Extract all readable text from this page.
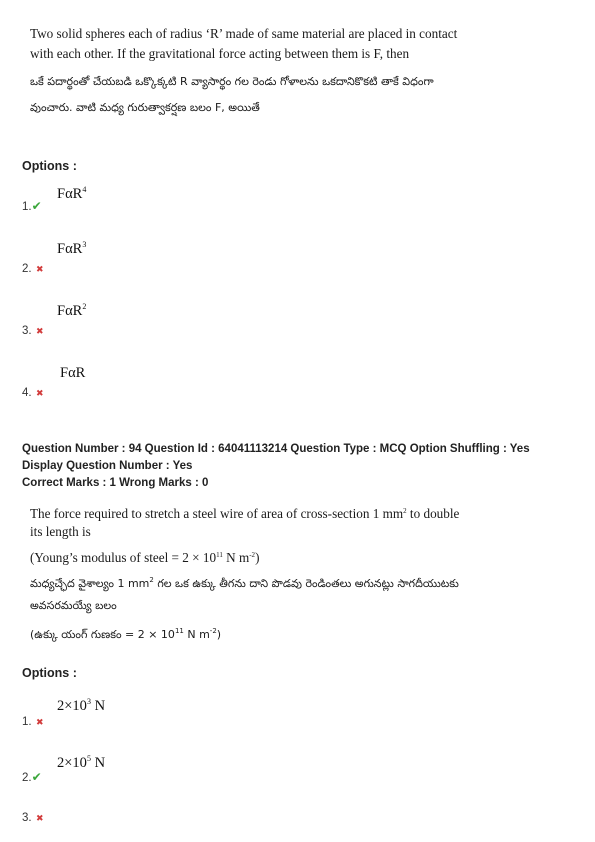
Two solid spheres each of radius ‘R’ made of same material are placed in contact
with each other. If the gravitational force acting between them is F, then
ఒకే పదార్థంతో చేయబడి ఒక్కొక్కటి R వ్యాసార్థం గల రెండు గోళాలను ఒకదానికొకటి తాకే విధంగా
వుంచారు. వాటి మధ్య గురుత్వాకర్షణ బలం F, అయితే
Options :
1.✔
FαR$^4$
2. ✖
FαR$^3$
3. ✖
FαR$^2$
4. ✖
FαR
Question Number : 94 Question Id : 64041113214 Question Type : MCQ Option Shuffling : Yes
Display Question Number : Yes
Correct Marks : 1 Wrong Marks : 0
The force required to stretch a steel wire of area of cross-section 1 $mm^2$ to double
its length is
(Young’s modulus of steel = $2 \times 10^{11}$ N $m^{-2}$)
మధ్యచ్ఛేద వైశాల్యం 1 $mm^2$ గల ఒక ఉక్కు తీగను దాని పొడవు రెండింతలు అగునట్లు సాగదీయుటకు
అవసరమయ్యే బలం
(ఉక్కు యంగ్ గుణకం = $2 \times 10^{11}$ N $m^{-2}$)
Options :
1. ✖
$2\times 10^3$ N
2.✔
$2\times 10^5$ N
3. ✖
